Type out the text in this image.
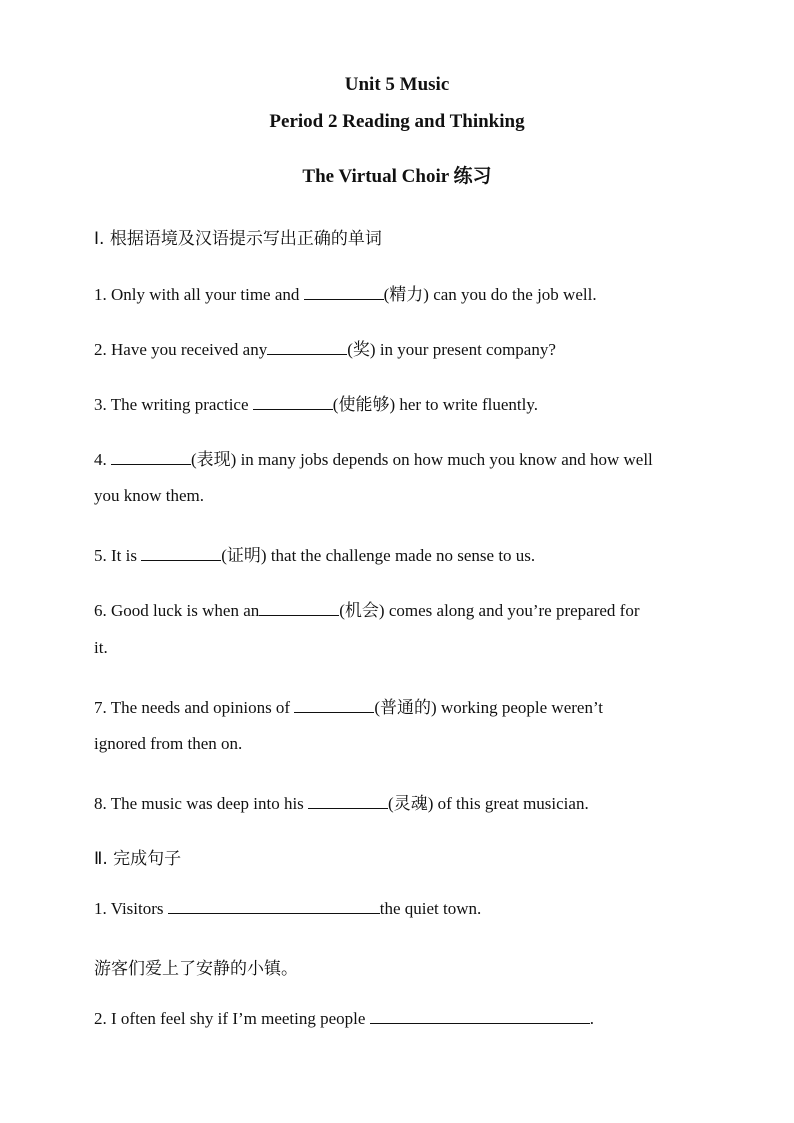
Unit 5 Music
Period 2 Reading and Thinking
The Virtual Choir 练习
Ⅰ. 根据语境及汉语提示写出正确的单词
1. Only with all your time and	(精力) can you do the job well.
2. Have you received any	(奖) in your present company?
3. The writing practice	(使能够) her to write fluently.
4.	(表现) in many jobs depends on how much you know and how well
you know them.
5. It is	(证明) that the challenge made no sense to us.
6. Good luck is when an	(机会) comes along and you’re prepared for
it.
7. The needs and opinions of	(普通的) working people weren’t
ignored from then on.
8. The music was deep into his	(灵魂) of this great musician.
Ⅱ. 完成句子
1. Visitors	the quiet town.
游客们爱上了安静的小镇。
2. I often feel shy if I’m meeting people	.
